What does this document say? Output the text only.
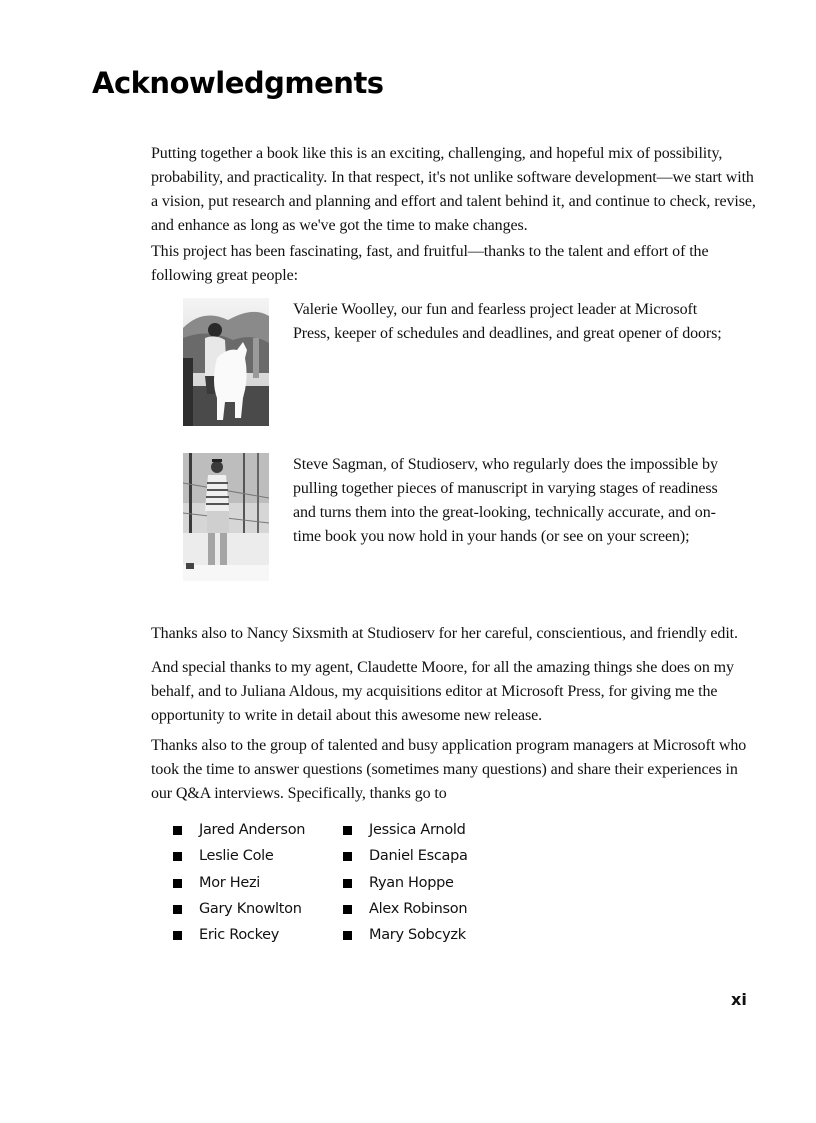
Acknowledgments

Putting together a book like this is an exciting, challenging, and hopeful mix of possibility, probability, and practicality. In that respect, it's not unlike software development—we start with a vision, put research and planning and effort and talent behind it, and continue to check, revise, and enhance as long as we've got the time to make changes.

This project has been fascinating, fast, and fruitful—thanks to the talent and effort of the following great people:

Valerie Woolley, our fun and fearless project leader at Microsoft Press, keeper of schedules and deadlines, and great opener of doors;

Steve Sagman, of Studioserv, who regularly does the impossible by pulling together pieces of manuscript in varying stages of readiness and turns them into the great-looking, technically accurate, and on-time book you now hold in your hands (or see on your screen);

Thanks also to Nancy Sixsmith at Studioserv for her careful, conscientious, and friendly edit.

And special thanks to my agent, Claudette Moore, for all the amazing things she does on my behalf, and to Juliana Aldous, my acquisitions editor at Microsoft Press, for giving me the opportunity to write in detail about this awesome new release.

Thanks also to the group of talented and busy application program managers at Microsoft who took the time to answer questions (sometimes many questions) and share their experiences in our Q&A interviews. Specifically, thanks go to

Jared Anderson
Leslie Cole
Mor Hezi
Gary Knowlton
Eric Rockey
Jessica Arnold
Daniel Escapa
Ryan Hoppe
Alex Robinson
Mary Sobcyzk

xi
